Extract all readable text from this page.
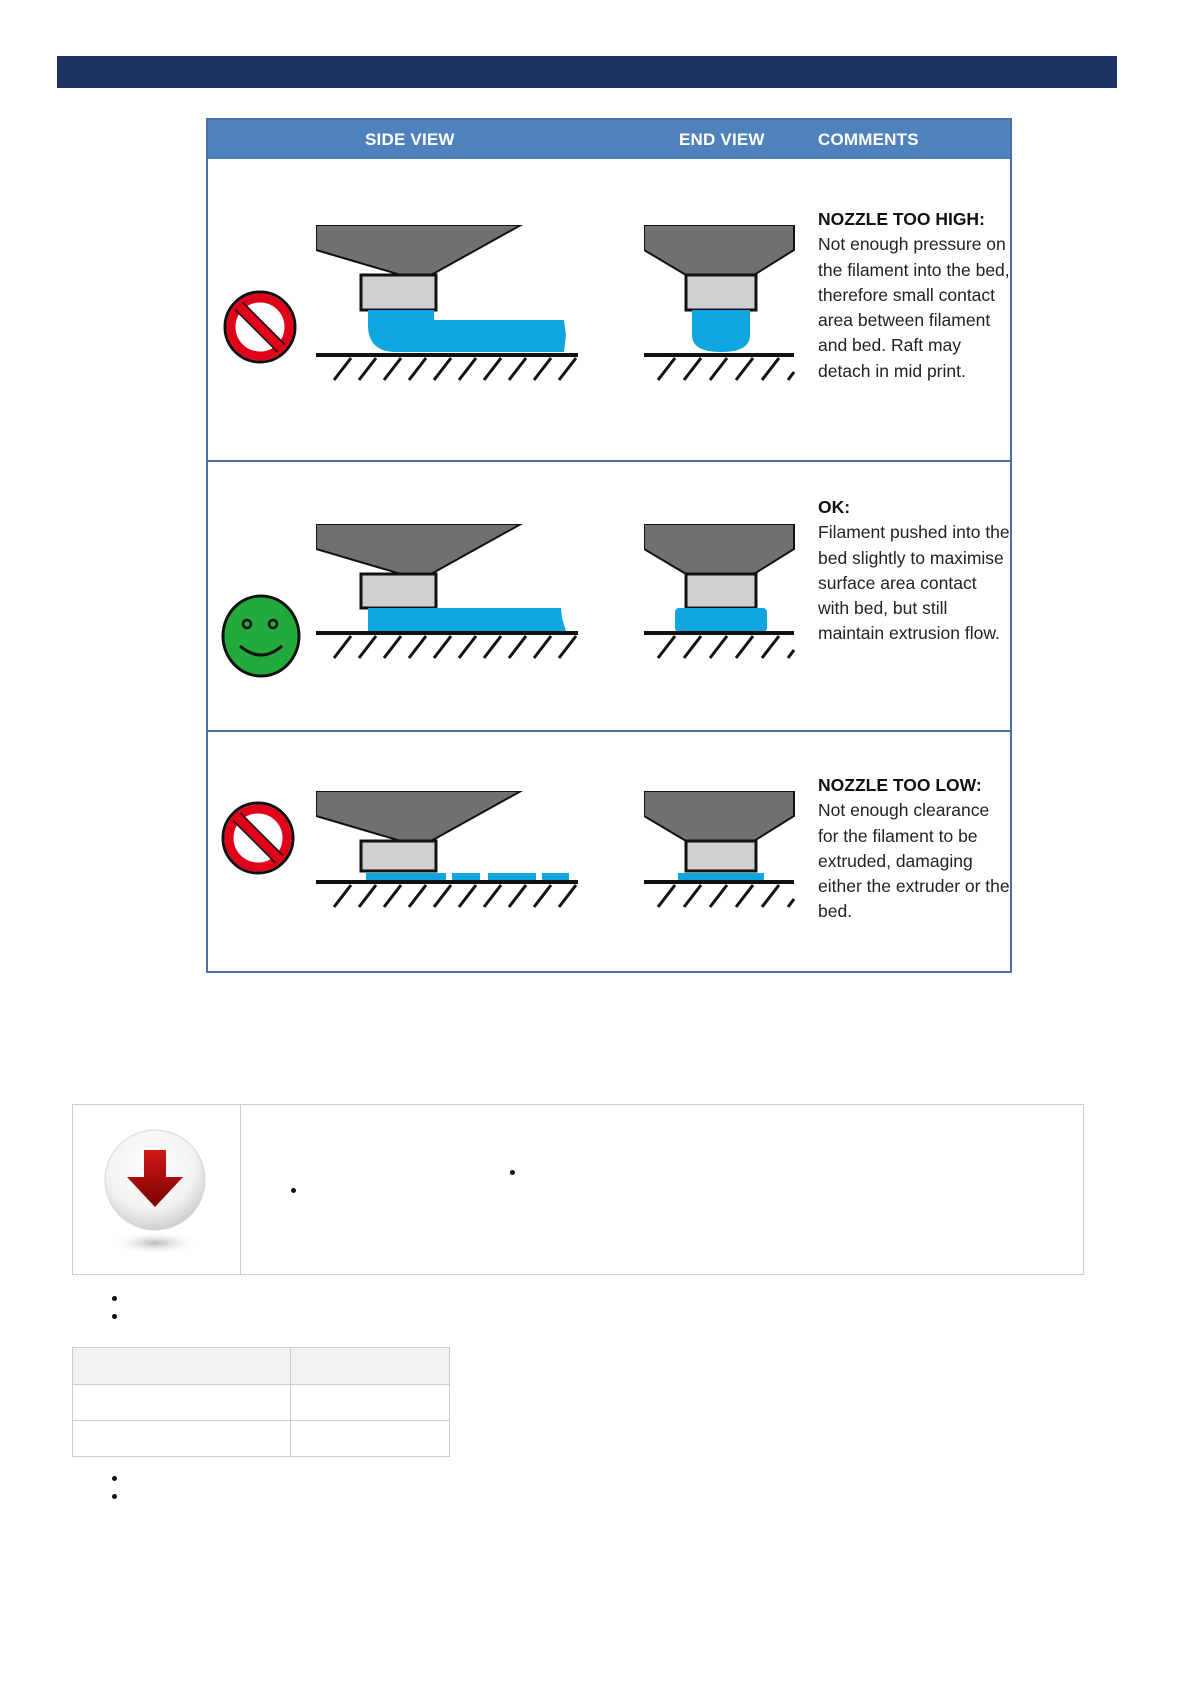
SIDE VIEW	END VIEW	COMMENTS
NOZZLE TOO HIGH:
Not enough pressure on the filament into the bed, therefore small contact area between filament and bed. Raft may detach in mid print.
OK:
Filament pushed into the bed slightly to maximise surface area contact with bed, but still maintain extrusion flow.
NOZZLE TOO LOW:
Not enough clearance for the filament to be extruded, damaging either the extruder or the bed.
